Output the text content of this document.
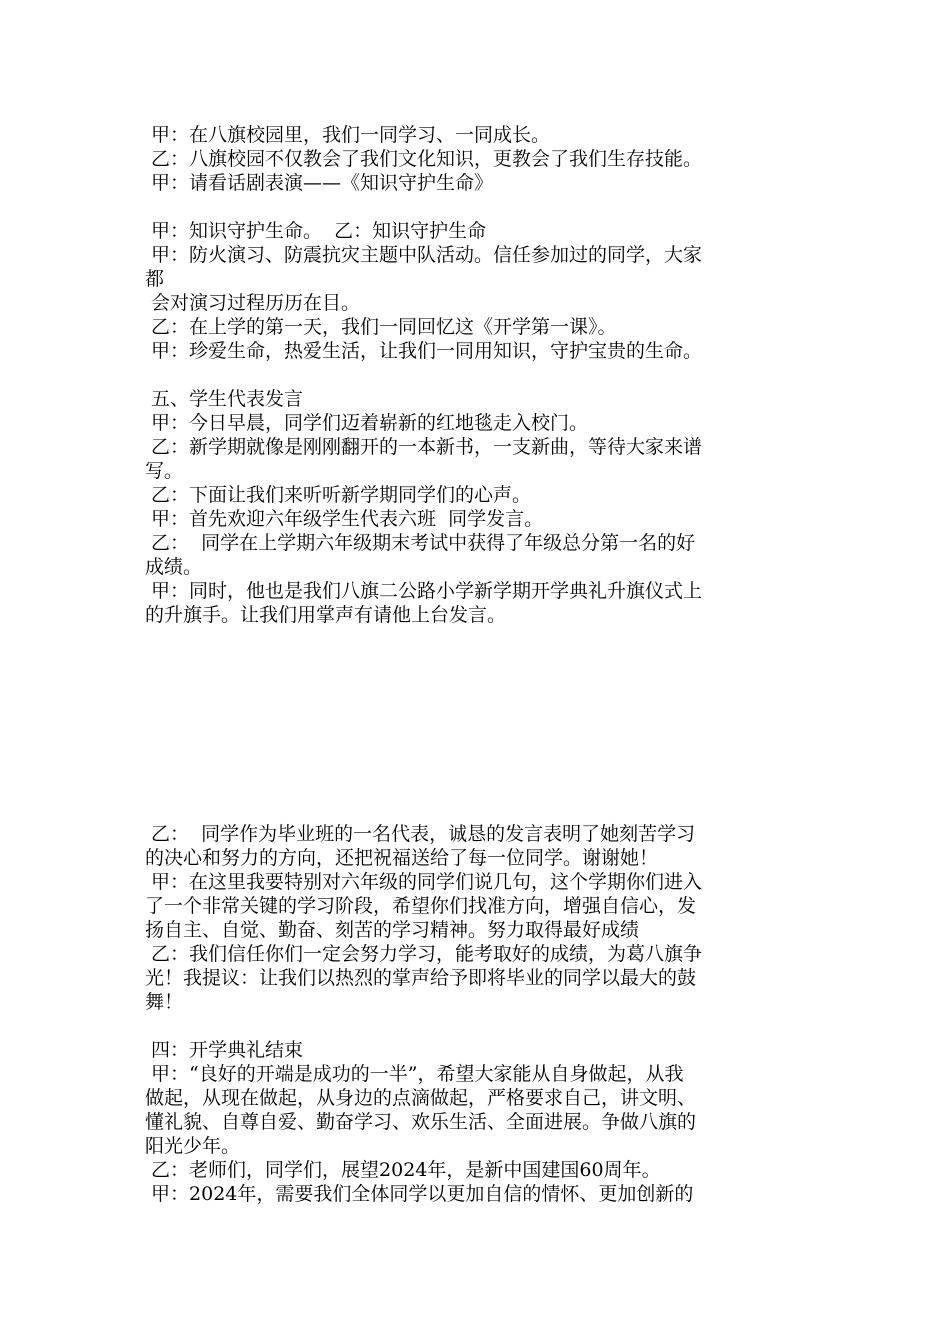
甲：在八旗校园里，我们一同学习、一同成长。
乙：八旗校园不仅教会了我们文化知识，更教会了我们生存技能。
甲：请看话剧表演——《知识守护生命》
甲：知识守护生命。  乙：知识守护生命
甲：防火演习、防震抗灾主题中队活动。信任参加过的同学，大家
都
会对演习过程历历在目。
乙：在上学的第一天，我们一同回忆这《开学第一课》。
甲：珍爱生命，热爱生活，让我们一同用知识，守护宝贵的生命。
五、学生代表发言
甲：今日早晨，同学们迈着崭新的红地毯走入校门。
乙：新学期就像是刚刚翻开的一本新书，一支新曲，等待大家来谱
写。
乙：下面让我们来听听新学期同学们的心声。
甲：首先欢迎六年级学生代表六班  同学发言。
乙：  同学在上学期六年级期末考试中获得了年级总分第一名的好
成绩。
甲：同时，他也是我们八旗二公路小学新学期开学典礼升旗仪式上
的升旗手。让我们用掌声有请他上台发言。
乙：  同学作为毕业班的一名代表，诚恳的发言表明了她刻苦学习
的决心和努力的方向，还把祝福送给了每一位同学。谢谢她！
甲：在这里我要特别对六年级的同学们说几句，这个学期你们进入
了一个非常关键的学习阶段，希望你们找准方向，增强自信心，发
扬自主、自觉、勤奋、刻苦的学习精神。努力取得最好成绩
乙：我们信任你们一定会努力学习，能考取好的成绩，为葛八旗争
光！我提议：让我们以热烈的掌声给予即将毕业的同学以最大的鼓
舞！
四：开学典礼结束
甲：“良好的开端是成功的一半”，希望大家能从自身做起，从我
做起，从现在做起，从身边的点滴做起，严格要求自己，讲文明、
懂礼貌、自尊自爱、勤奋学习、欢乐生活、全面进展。争做八旗的
阳光少年。
乙：老师们，同学们，展望2024年，是新中国建国60周年。
甲：2024年，需要我们全体同学以更加自信的情怀、更加创新的
